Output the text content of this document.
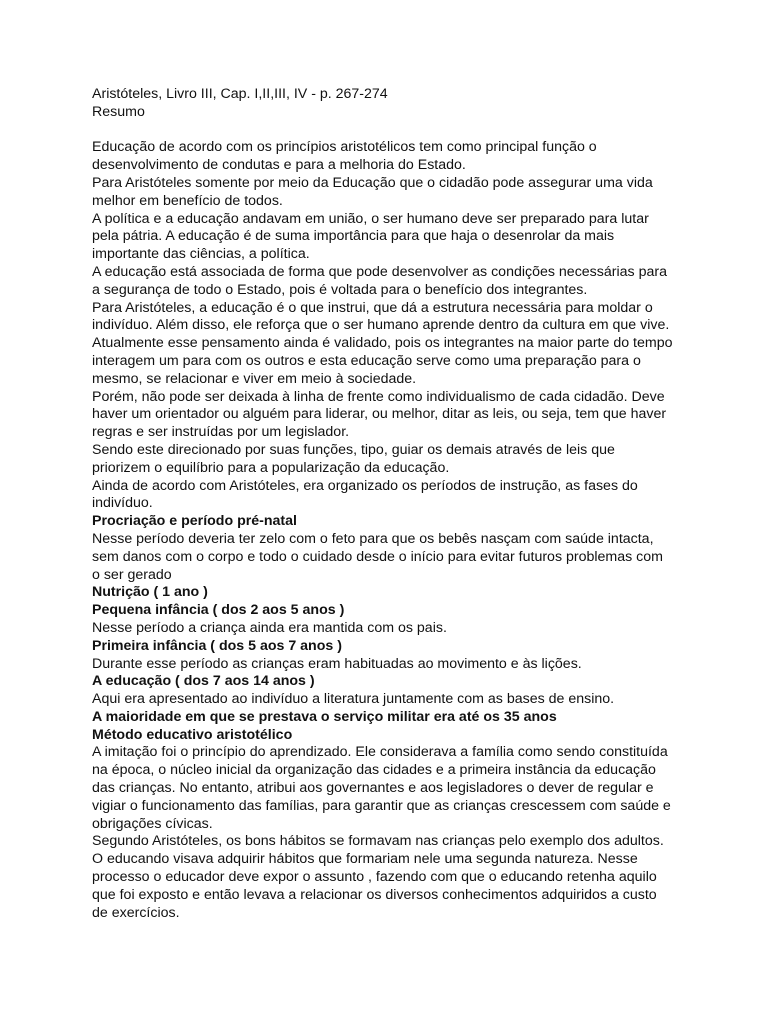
Aristóteles, Livro III, Cap. I,II,III, IV - p. 267-274
Resumo
Educação de acordo com os princípios aristotélicos tem como principal função o
desenvolvimento de condutas e para a melhoria do Estado.
Para Aristóteles somente por meio da Educação que o cidadão pode assegurar uma vida
melhor em benefício de todos.
A política e a educação andavam em união, o ser humano deve ser preparado para lutar
pela pátria. A educação é de suma importância para que haja o desenrolar da mais
importante das ciências, a política.
A educação está associada de forma que pode desenvolver as condições necessárias para
a segurança de todo o Estado, pois é voltada para o benefício dos integrantes.
Para Aristóteles, a educação é o que instrui, que dá a estrutura necessária para moldar o
indivíduo. Além disso, ele reforça que o ser humano aprende dentro da cultura em que vive.
Atualmente esse pensamento ainda é validado, pois os integrantes na maior parte do tempo
interagem um para com os outros e esta educação serve como uma preparação para o
mesmo, se relacionar e viver em meio à sociedade.
Porém, não pode ser deixada à linha de frente como individualismo de cada cidadão. Deve
haver um orientador ou alguém para liderar, ou melhor, ditar as leis, ou seja, tem que haver
regras e ser instruídas por um legislador.
Sendo este direcionado por suas funções, tipo, guiar os demais através de leis que
priorizem o equilíbrio para a popularização da educação.
Ainda de acordo com Aristóteles, era organizado os períodos de instrução, as fases do
indivíduo.
Procriação e período pré-natal
Nesse período deveria ter zelo com o feto para que os bebês nasçam com saúde intacta,
sem danos com o corpo e todo o cuidado desde o início para evitar futuros problemas com
o ser gerado
Nutrição ( 1 ano )
Pequena infância ( dos 2 aos 5 anos )
Nesse período a criança ainda era mantida com os pais.
Primeira infância ( dos 5 aos 7 anos )
Durante esse período as crianças eram habituadas ao movimento e às lições.
A educação ( dos 7 aos 14 anos )
Aqui era apresentado ao indivíduo a literatura juntamente com as bases de ensino.
A maioridade em que se prestava o serviço militar era até os 35 anos
Método educativo aristotélico
A imitação foi o princípio do aprendizado. Ele considerava a família como sendo constituída
na época, o núcleo inicial da organização das cidades e a primeira instância da educação
das crianças. No entanto, atribui aos governantes e aos legisladores o dever de regular e
vigiar o funcionamento das famílias, para garantir que as crianças crescessem com saúde e
obrigações cívicas.
Segundo Aristóteles, os bons hábitos se formavam nas crianças pelo exemplo dos adultos.
O educando visava adquirir hábitos que formariam nele uma segunda natureza. Nesse
processo o educador deve expor o assunto , fazendo com que o educando retenha aquilo
que foi exposto e então levava a relacionar os diversos conhecimentos adquiridos a custo
de exercícios.
